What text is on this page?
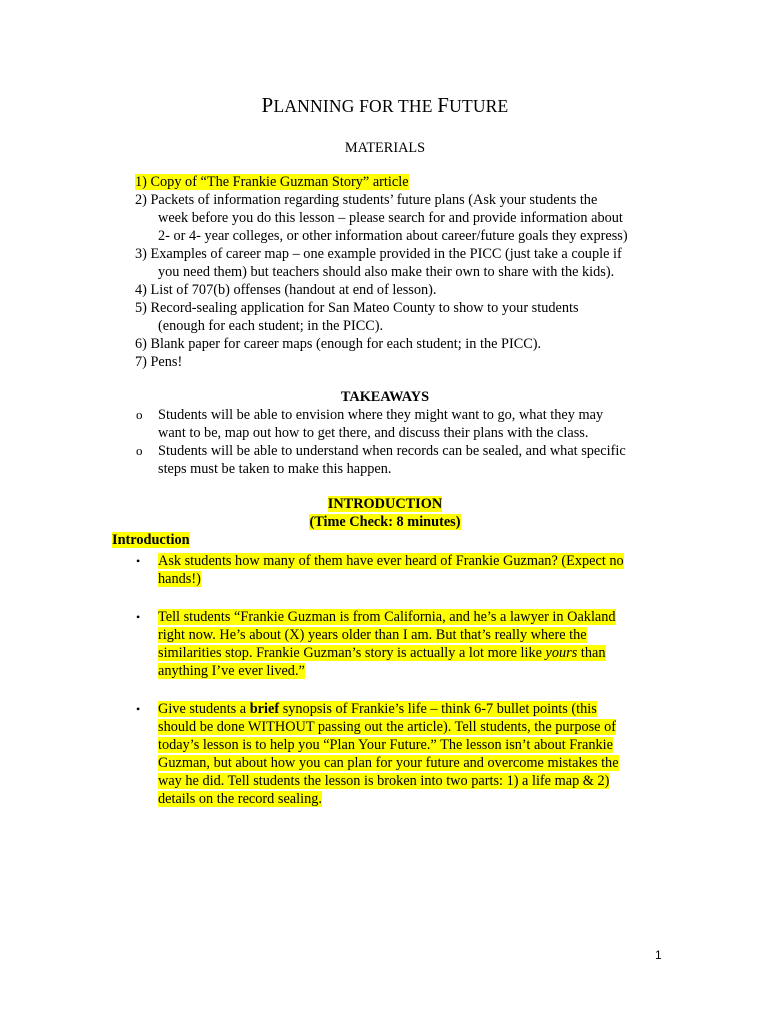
PLANNING FOR THE FUTURE
MATERIALS
1) Copy of “The Frankie Guzman Story” article
2) Packets of information regarding students’ future plans (Ask your students the
week before you do this lesson – please search for and provide information about
2- or 4- year colleges, or other information about career/future goals they express)
3) Examples of career map – one example provided in the PICC (just take a couple if
you need them) but teachers should also make their own to share with the kids).
4) List of 707(b) offenses (handout at end of lesson).
5) Record-sealing application for San Mateo County to show to your students
(enough for each student; in the PICC).
6) Blank paper for career maps (enough for each student; in the PICC).
7) Pens!
TAKEAWAYS
o Students will be able to envision where they might want to go, what they may
want to be, map out how to get there, and discuss their plans with the class.
o Students will be able to understand when records can be sealed, and what specific
steps must be taken to make this happen.
INTRODUCTION
(Time Check: 8 minutes)
Introduction
• Ask students how many of them have ever heard of Frankie Guzman? (Expect no
hands!)
• Tell students “Frankie Guzman is from California, and he’s a lawyer in Oakland
right now. He’s about (X) years older than I am. But that’s really where the
similarities stop. Frankie Guzman’s story is actually a lot more like yours than
anything I’ve ever lived.”
• Give students a brief synopsis of Frankie’s life – think 6-7 bullet points (this
should be done WITHOUT passing out the article). Tell students, the purpose of
today’s lesson is to help you “Plan Your Future.” The lesson isn’t about Frankie
Guzman, but about how you can plan for your future and overcome mistakes the
way he did. Tell students the lesson is broken into two parts: 1) a life map & 2)
details on the record sealing.
1
